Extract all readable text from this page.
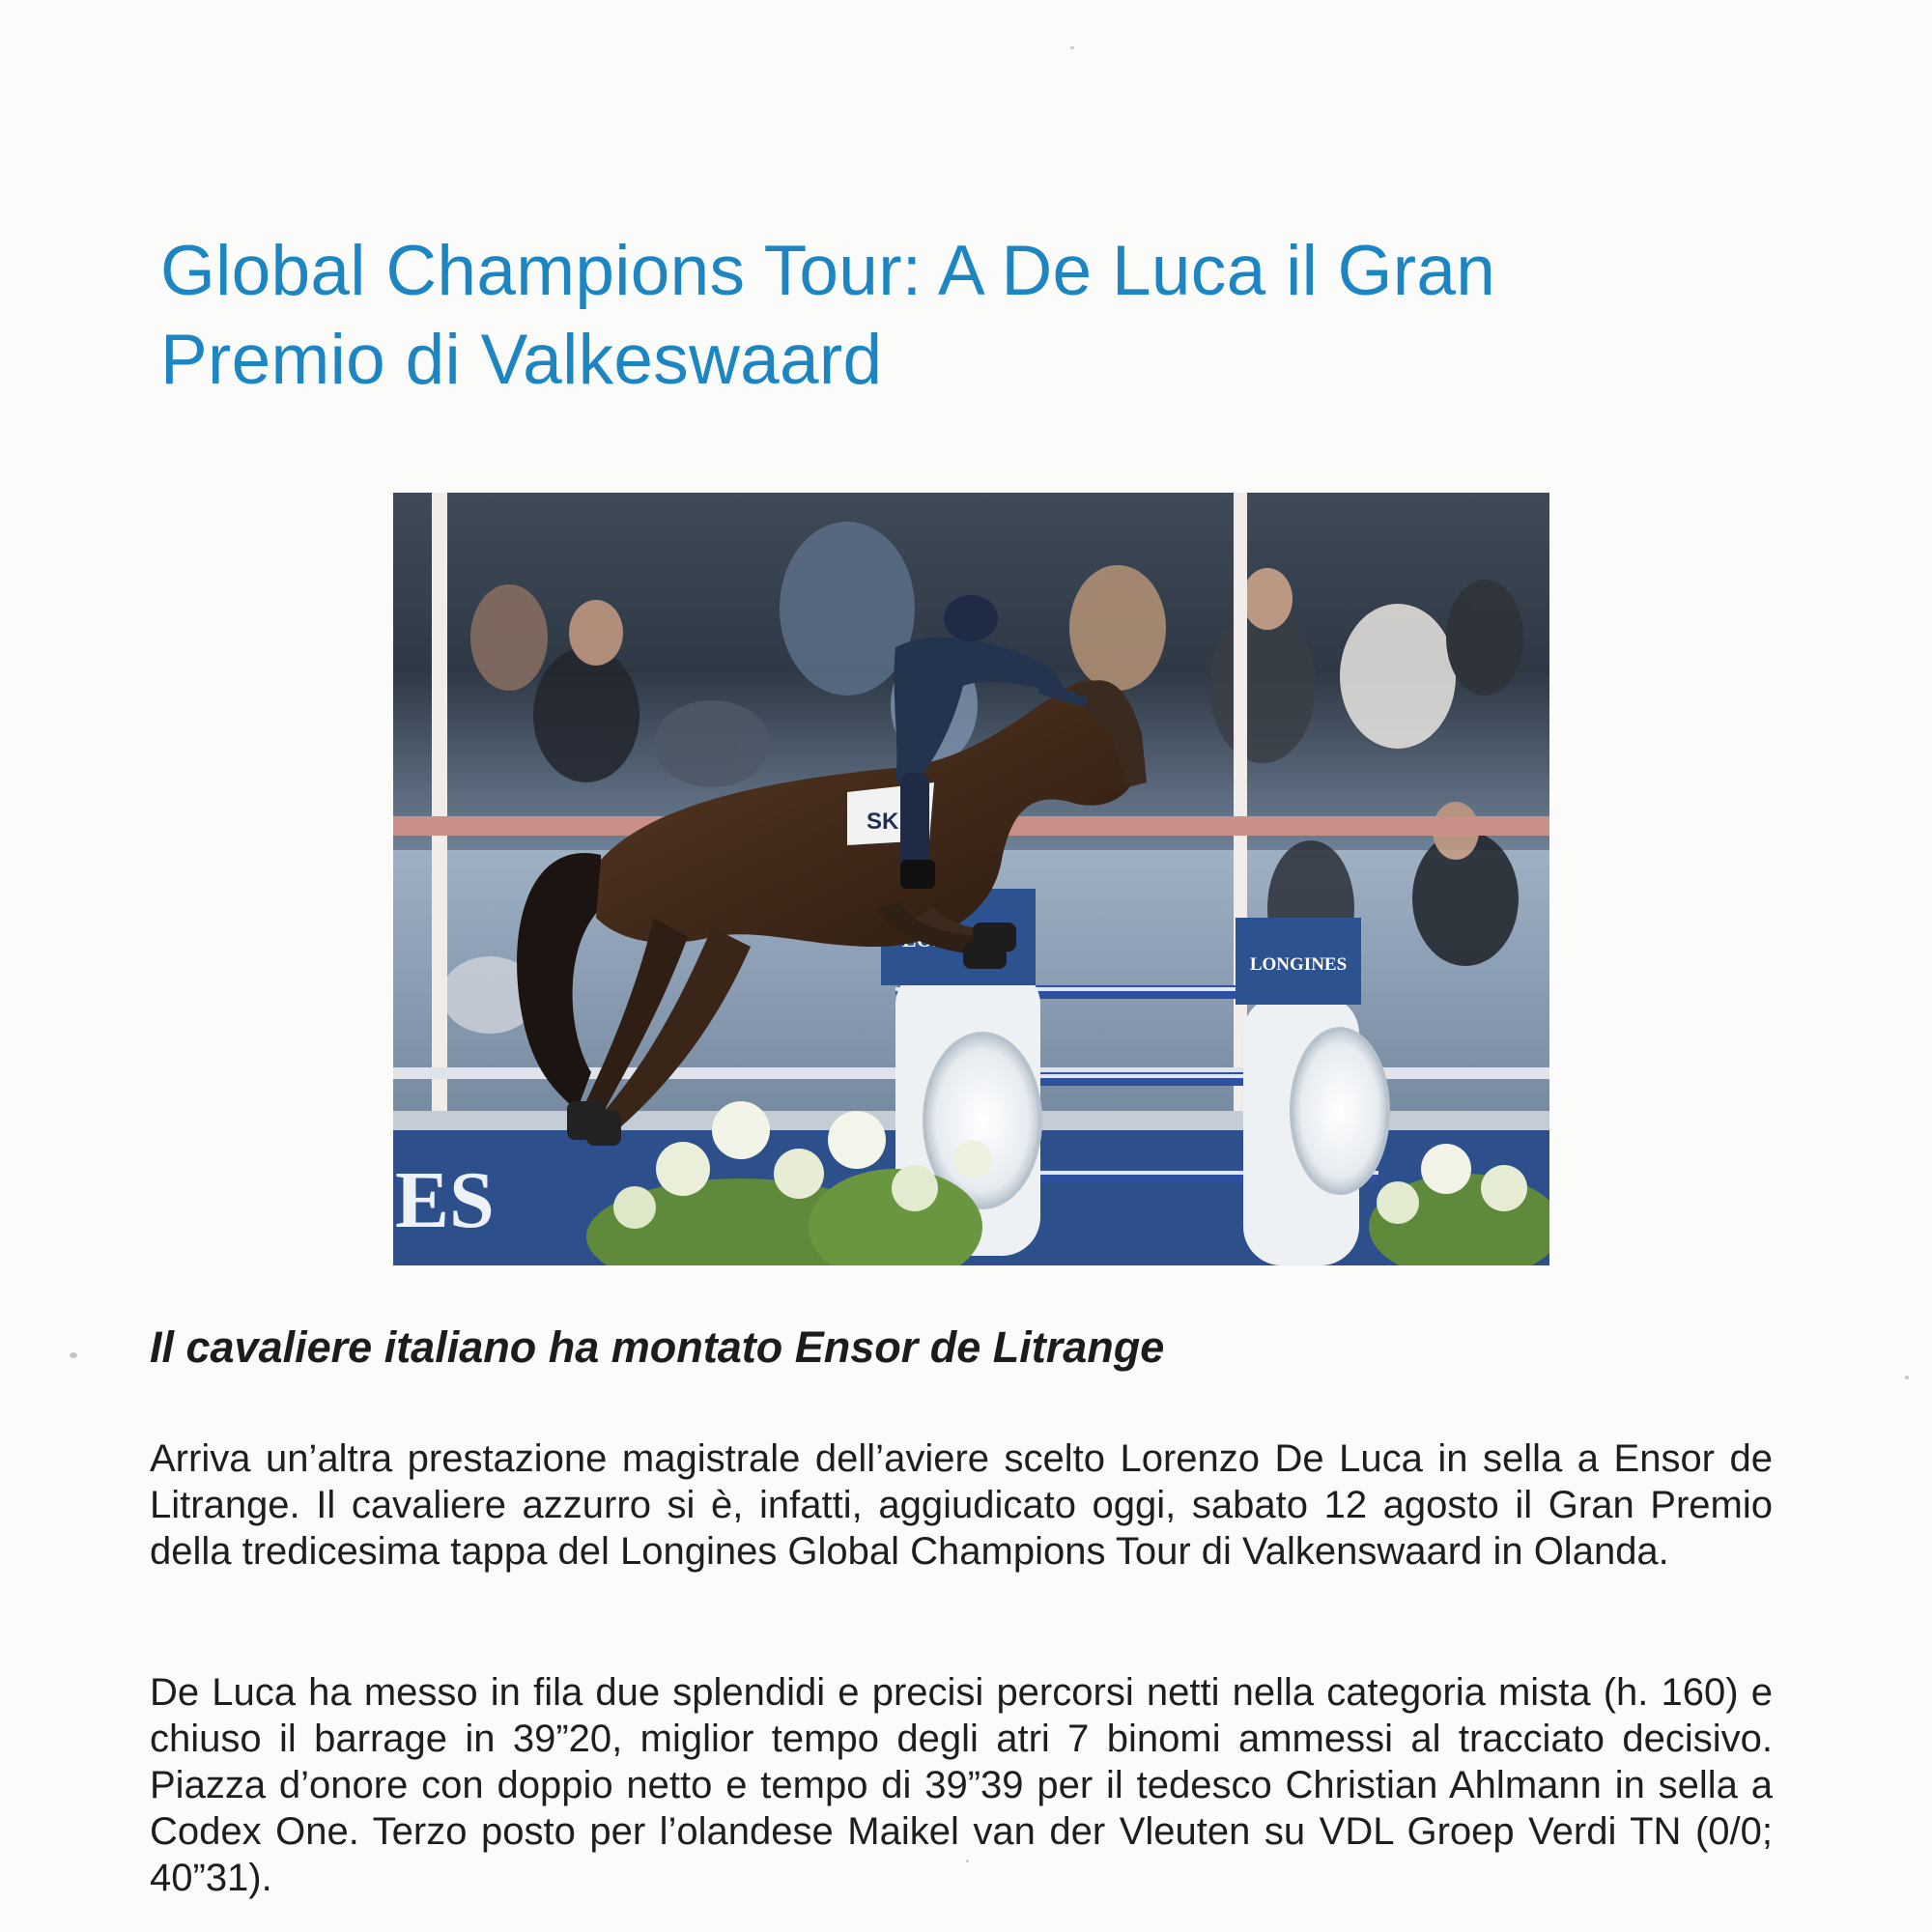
Global Champions Tour: A De Luca il Gran Premio di Valkeswaard
ES
LONGINES
SK
Il cavaliere italiano ha montato Ensor de Litrange

Arriva un’altra prestazione magistrale dell’aviere scelto Lorenzo De Luca in sella a Ensor de Litrange. Il cavaliere azzurro si è, infatti, aggiudicato oggi, sabato 12 agosto il Gran Premio della tredicesima tappa del Longines Global Champions Tour di Valkenswaard in Olanda.

De Luca ha messo in fila due splendidi e precisi percorsi netti nella categoria mista (h. 160) e chiuso il barrage in 39”20, miglior tempo degli atri 7 binomi ammessi al tracciato decisivo. Piazza d’onore con doppio netto e tempo di 39”39 per il tedesco Christian Ahlmann in sella a Codex One. Terzo posto per l’olandese Maikel van der Vleuten su VDL Groep Verdi TN (0/0; 40”31).
